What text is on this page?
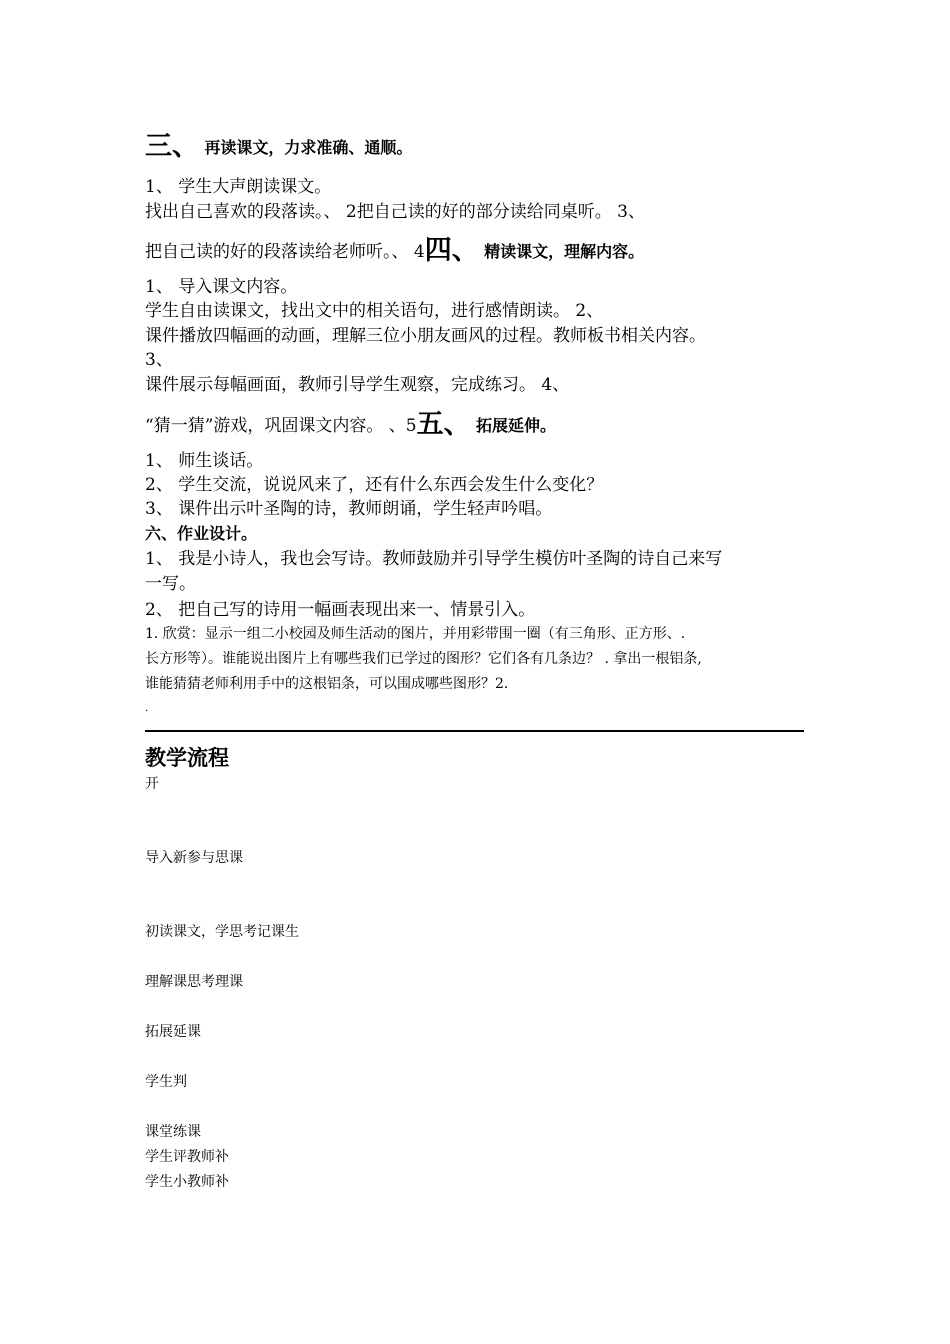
三、 再读课文，力求准确、通顺。
1、 学生大声朗读课文。
找出自己喜欢的段落读。、 2把自己读的好的部分读给同桌听。 3、
把自己读的好的段落读给老师听。、 4四、 精读课文，理解内容。
1、 导入课文内容。
学生自由读课文，找出文中的相关语句，进行感情朗读。 2、
课件播放四幅画的动画，理解三位小朋友画风的过程。教师板书相关内容。
3、
课件展示每幅画面，教师引导学生观察，完成练习。 4、
“猜一猜”游戏，巩固课文内容。 、5五、 拓展延伸。
1、 师生谈话。
2、 学生交流，说说风来了，还有什么东西会发生什么变化？
3、 课件出示叶圣陶的诗，教师朗诵，学生轻声吟唱。
六、作业设计。
1、 我是小诗人，我也会写诗。教师鼓励并引导学生模仿叶圣陶的诗自己来写
一写。
2、 把自己写的诗用一幅画表现出来一、情景引入。
1. 欣赏：显示一组二小校园及师生活动的图片，并用彩带围一圈（有三角形、正方形、.
长方形等）。谁能说出图片上有哪些我们已学过的图形？它们各有几条边？ . 拿出一根铝条,
谁能猜猜老师利用手中的这根铝条，可以围成哪些图形？2.
.
教学流程
开
导入新参与思课
初读课文，学思考记课生
理解课思考理课
拓展延课
学生判
课堂练课
学生评教师补
学生小教师补
